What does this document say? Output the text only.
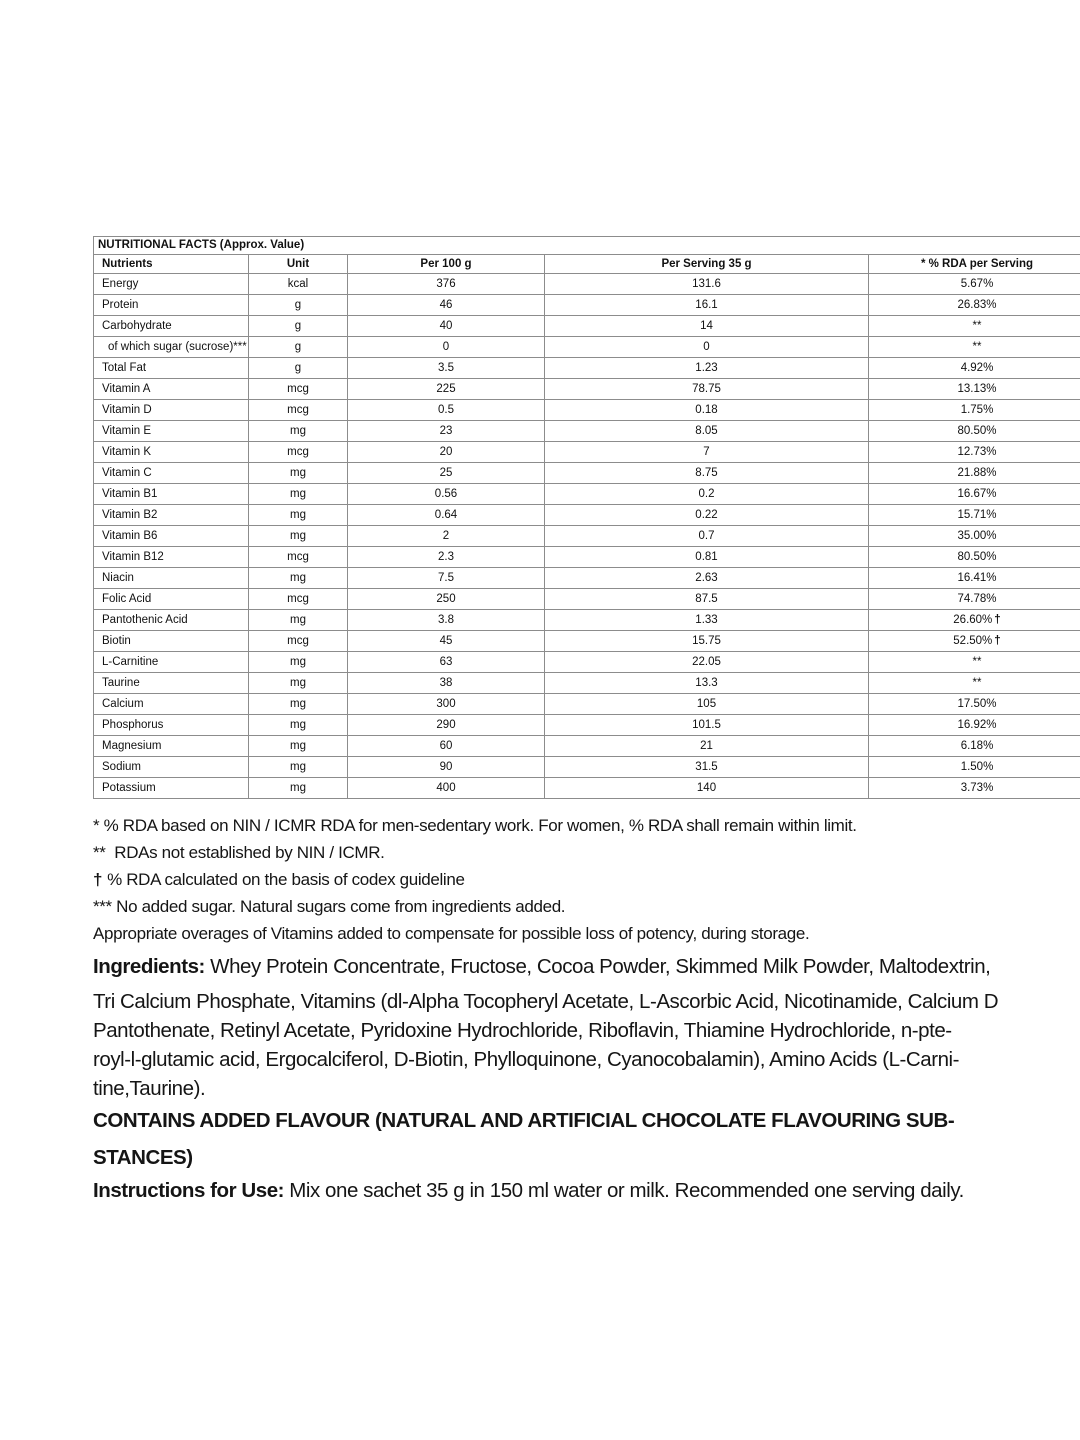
NUTRITIONAL FACTS (Approx. Value)				
Nutrients	Unit	Per 100 g	Per Serving 35 g	* % RDA per Serving
Energy	kcal	376	131.6	5.67%
Protein	g	46	16.1	26.83%
Carbohydrate	g	40	14	**
of which sugar (sucrose)***	g	0	0	**
Total Fat	g	3.5	1.23	4.92%
Vitamin A	mcg	225	78.75	13.13%
Vitamin D	mcg	0.5	0.18	1.75%
Vitamin E	mg	23	8.05	80.50%
Vitamin K	mcg	20	7	12.73%
Vitamin C	mg	25	8.75	21.88%
Vitamin B1	mg	0.56	0.2	16.67%
Vitamin B2	mg	0.64	0.22	15.71%
Vitamin B6	mg	2	0.7	35.00%
Vitamin B12	mcg	2.3	0.81	80.50%
Niacin	mg	7.5	2.63	16.41%
Folic Acid	mcg	250	87.5	74.78%
Pantothenic Acid	mg	3.8	1.33	26.60% †
Biotin	mcg	45	15.75	52.50% †
L-Carnitine	mg	63	22.05	**
Taurine	mg	38	13.3	**
Calcium	mg	300	105	17.50%
Phosphorus	mg	290	101.5	16.92%
Magnesium	mg	60	21	6.18%
Sodium	mg	90	31.5	1.50%
Potassium	mg	400	140	3.73%

* % RDA based on NIN / ICMR RDA for men-sedentary work. For women, % RDA shall remain within limit.

**  RDAs not established by NIN / ICMR.

† % RDA calculated on the basis of codex guideline

*** No added sugar. Natural sugars come from ingredients added.

Appropriate overages of Vitamins added to compensate for possible loss of potency, during storage.

Ingredients: Whey Protein Concentrate, Fructose, Cocoa Powder, Skimmed Milk Powder, Maltodextrin,
Tri Calcium Phosphate, Vitamins (dl-Alpha Tocopheryl Acetate, L-Ascorbic Acid, Nicotinamide, Calcium D
Pantothenate, Retinyl Acetate, Pyridoxine Hydrochloride, Riboflavin, Thiamine Hydrochloride, n-pte-
royl-l-glutamic acid, Ergocalciferol, D-Biotin, Phylloquinone, Cyanocobalamin), Amino Acids (L-Carni-
tine,Taurine).
CONTAINS ADDED FLAVOUR (NATURAL AND ARTIFICIAL CHOCOLATE FLAVOURING SUB-
STANCES)

Instructions for Use: Mix one sachet 35 g in 150 ml water or milk. Recommended one serving daily.
